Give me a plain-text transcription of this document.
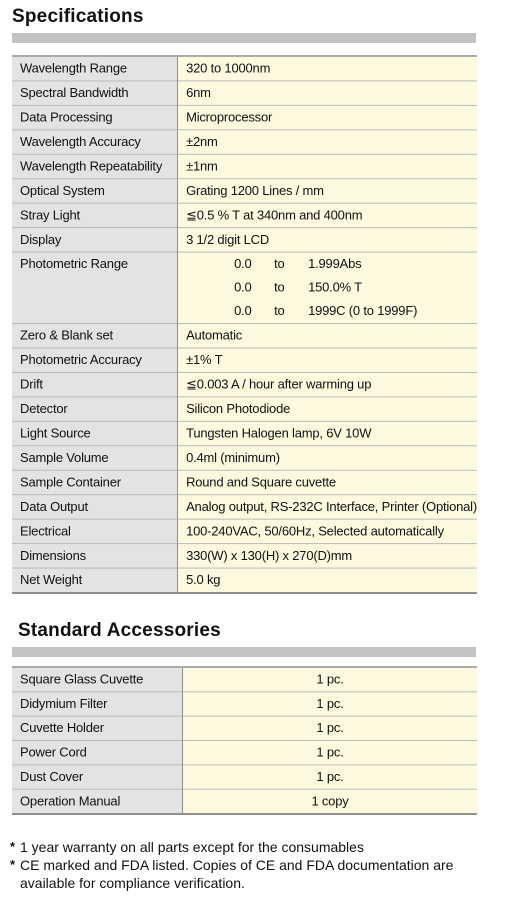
Specifications
Wavelength Range	320 to 1000nm
Spectral Bandwidth	6nm
Data Processing	Microprocessor
Wavelength Accuracy	±2nm
Wavelength Repeatability	±1nm
Optical System	Grating 1200 Lines / mm
Stray Light	≦0.5 % T at 340nm and 400nm
Display	3 1/2 digit LCD
Photometric Range	0.0 to 1.999Abs
0.0 to 150.0% T
0.0 to 1999C (0 to 1999F)

Zero & Blank set	Automatic
Photometric Accuracy	±1% T
Drift	≦0.003 A / hour after warming up
Detector	Silicon Photodiode
Light Source	Tungsten Halogen lamp, 6V 10W
Sample Volume	0.4ml (minimum)
Sample Container	Round and Square cuvette
Data Output	Analog output, RS-232C Interface, Printer (Optional)
Electrical	100-240VAC, 50/60Hz, Selected automatically
Dimensions	330(W) x 130(H) x 270(D)mm
Net Weight	5.0 kg
Standard Accessories
Square Glass Cuvette	1 pc.
Didymium Filter	1 pc.
Cuvette Holder	1 pc.
Power Cord	1 pc.
Dust Cover	1 pc.
Operation Manual	1 copy
* 1 year warranty on all parts except for the consumables
* CE marked and FDA listed. Copies of CE and FDA documentation are available for compliance verification.
